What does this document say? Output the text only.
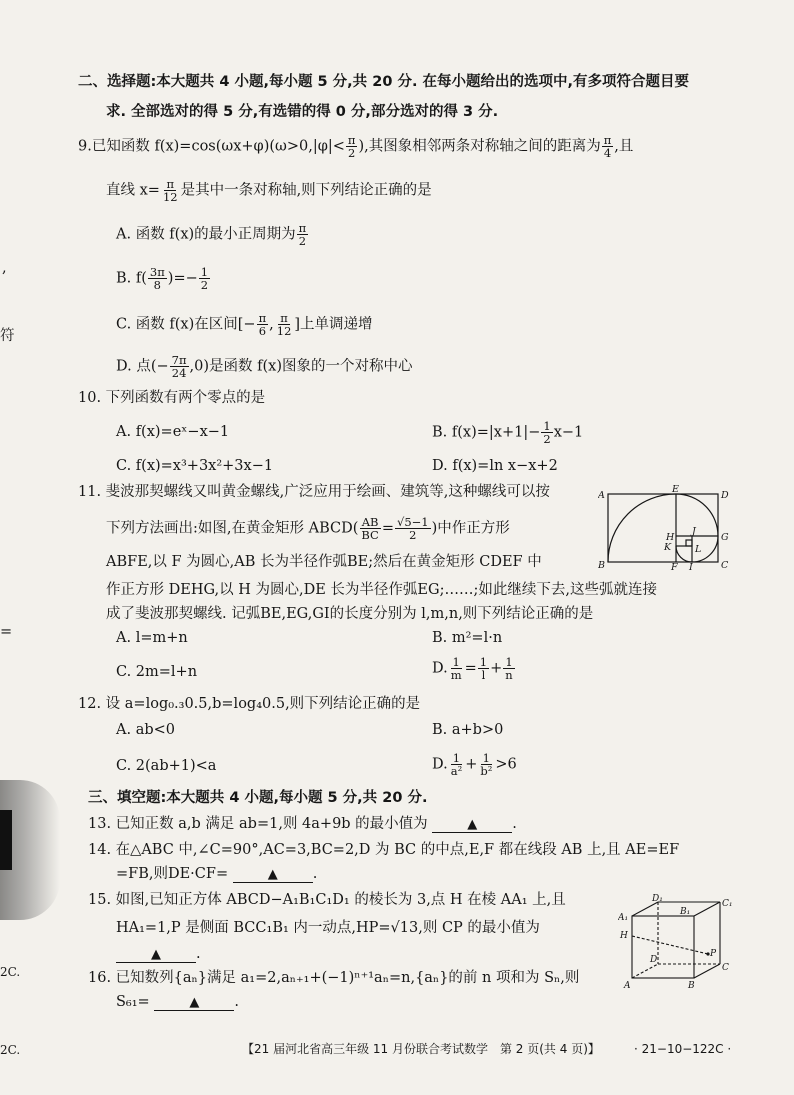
,
符
=
2C.
2C.
二、选择题:本大题共 4 小题,每小题 5 分,共 20 分. 在每小题给出的选项中,有多项符合题目要
求. 全部选对的得 5 分,有选错的得 0 分,部分选对的得 3 分.
9.已知函数 $f(x)=\cos(\omega x+\varphi)(\omega>0,|\varphi|< \frac{\pi}{2}$ ),其图象相邻两条对称轴之间的距离为 $\frac{\pi}{4}$ ,且
直线 $x= \frac{\pi}{12}$ 是其中一条对称轴,则下列结论正确的是
A. 函数 f(x)的最小正周期为 $\frac{\pi}{2}$
B. $f( \frac{3\pi}{8}$ )=− $\frac{1}{2}$
C. 函数 f(x)在区间[− $\frac{\pi}{6}$ , $\frac{\pi}{12}$ ]上单调递增
D. 点(− $\frac{7\pi}{24} ,0$)是函数 f(x)图象的一个对称中心
10. 下列函数有两个零点的是
A. f(x)=eˣ−x−1	B. $f(x)=|x+1|- \frac{1}{2} x-1$
C. f(x)=x³+3x²+3x−1	D. f(x)=ln x−x+2
11. 斐波那契螺线又叫黄金螺线,广泛应用于绘画、建筑等,这种螺线可以按
下列方法画出:如图,在黄金矩形 ABCD( $\frac{AB}{BC} = \frac{√5-1}{2}$ )中作正方形
ABFE,以 F 为圆心,AB 长为半径作弧BE;然后在黄金矩形 CDEF 中
作正方形 DEHG,以 H 为圆心,DE 长为半径作弧EG;……;如此继续下去,这些弧就连接
成了斐波那契螺线. 记弧BE,EG,GI的长度分别为 l,m,n,则下列结论正确的是
A. l=m+n	B. m²=l·n
C. 2m=l+n	D. $\frac{1}{m} = \frac{1}{l} + \frac{1}{n}$
A
E
D
H
J
G
K	L
B	F I	C
12. 设 a=log₀.₃0.5,b=log₄0.5,则下列结论正确的是
A. ab<0	B. a+b>0
C. 2(ab+1)<a	D. $\frac{1}{\text{a²}} + \frac{1}{\text{b²}} >6$
三、填空题:本大题共 4 小题,每小题 5 分,共 20 分.
13. 已知正数 a,b 满足 ab=1,则 4a+9b 的最小值为	▲ .
14. 在△ABC 中,∠C=90°,AC=3,BC=2,D 为 BC 的中点,E,F 都在线段 AB 上,且 AE=EF
=FB,则DE·CF=	▲ .
15. 如图,已知正方体 ABCD−A₁B₁C₁D₁ 的棱长为 3,点 H 在棱 AA₁ 上,且
HA₁=1,P 是侧面 BCC₁B₁ 内一动点,HP=√13,则 CP 的最小值为
▲ .
D₁	C₁
A₁
B₁
H
D
P
C
A	B
16. 已知数列{aₙ}满足 a₁=2,aₙ₊₁+(−1)ⁿ⁺¹aₙ=n,{aₙ}的前 n 项和为 Sₙ,则
S₆₁=	▲ .
【21 届河北省高三年级 11 月份联合考试数学　第 2 页(共 4 页)】	· 21−10−122C ·
